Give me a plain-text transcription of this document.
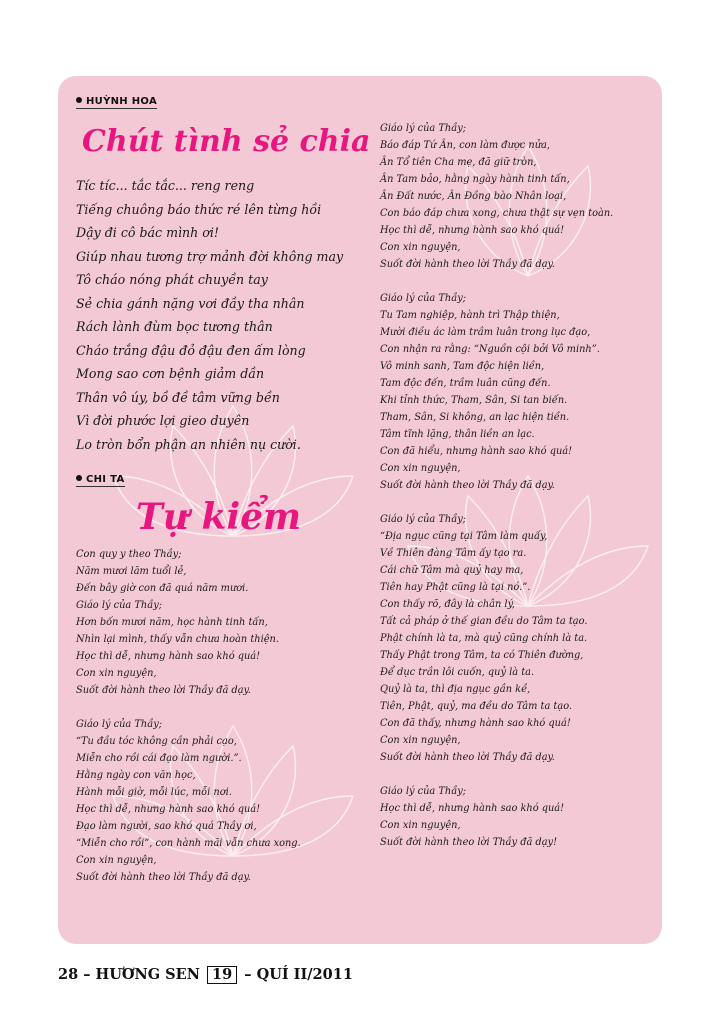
HUỲNH HOA
Chút tình sẻ chia
Tíc tíc... tắc tắc... reng reng
Tiếng chuông báo thức ré lên từng hồi
Dậy đi cô bác mình ơi!
Giúp nhau tương trợ mảnh đời không may
Tô cháo nóng phát chuyền tay
Sẻ chia gánh nặng vơi đầy tha nhân
Rách lành đùm bọc tương thân
Cháo trắng đậu đỏ đậu đen ấm lòng
Mong sao cơn bệnh giảm dần
Thân vô úy, bồ đề tâm vững bền
Vì đời phước lợi gieo duyên
Lo tròn bổn phận an nhiên nụ cười.
CHI TA
Tự kiểm
Con quy y theo Thầy;
Năm mươi lăm tuổi lẻ,
Đến bây giờ con đã quá năm mươi.
Giáo lý của Thầy;
Hơn bốn mươi năm, học hành tinh tấn,
Nhìn lại mình, thấy vẫn chưa hoàn thiện.
Học thì dễ, nhưng hành sao khó quá!
Con xin nguyện,
Suốt đời hành theo lời Thầy đã dạy.
Giáo lý của Thầy;
“Tu đầu tóc không cần phải cạo,
Miễn cho rồi cái đạo làm người.”.
Hằng ngày con văn học,
Hành mỗi giờ, mỗi lúc, mỗi nơi.
Học thì dễ, nhưng hành sao khó quá!
Đạo làm người, sao khó quá Thầy ơi,
“Miễn cho rồi”, con hành mãi vẫn chưa xong.
Con xin nguyện,
Suốt đời hành theo lời Thầy đã dạy.
Giáo lý của Thầy;
Báo đáp Tứ Ân, con làm được nửa,
Ân Tổ tiên Cha mẹ, đã giữ tròn,
Ân Tam bảo, hằng ngày hành tinh tấn,
Ân Đất nước, Ân Đồng bào Nhân loại,
Con báo đáp chưa xong, chưa thật sự vẹn toàn.
Học thì dễ, nhưng hành sao khó quá!
Con xin nguyện,
Suốt đời hành theo lời Thầy đã dạy.
Giáo lý của Thầy;
Tu Tam nghiệp, hành trì Thập thiện,
Mười điều ác làm trầm luân trong lục đạo,
Con nhận ra rằng: “Nguồn cội bởi Vô minh”.
Vô minh sanh, Tam độc hiện liền,
Tam độc đến, trầm luân cũng đến.
Khi tỉnh thức, Tham, Sân, Si tan biến.
Tham, Sân, Si không, an lạc hiện tiền.
Tâm tĩnh lặng, thân liền an lạc.
Con đã hiểu, nhưng hành sao khó quá!
Con xin nguyện,
Suốt đời hành theo lời Thầy đã dạy.
Giáo lý của Thầy;
“Địa ngục cũng tại Tâm làm quấy,
Về Thiên đàng Tâm ấy tạo ra.
Cái chữ Tâm mà quỷ hay ma,
Tiên hay Phật cũng là tại nó.”.
Con thấy rõ, đây là chân lý,
Tất cả pháp ở thế gian đều do Tâm ta tạo.
Phật chính là ta, mà quỷ cũng chính là ta.
Thấy Phật trong Tâm, ta có Thiên đường,
Để dục trần lôi cuốn, quỷ là ta.
Quỷ là ta, thì địa ngục gần kề,
Tiên, Phật, quỷ, ma đều do Tâm ta tạo.
Con đã thấy, nhưng hành sao khó quá!
Con xin nguyện,
Suốt đời hành theo lời Thầy đã dạy.
Giáo lý của Thầy;
Học thì dễ, nhưng hành sao khó quá!
Con xin nguyện,
Suốt đời hành theo lời Thầy đã dạy!
28 – HƯƠNG SEN 19 – QUÍ II/2011
